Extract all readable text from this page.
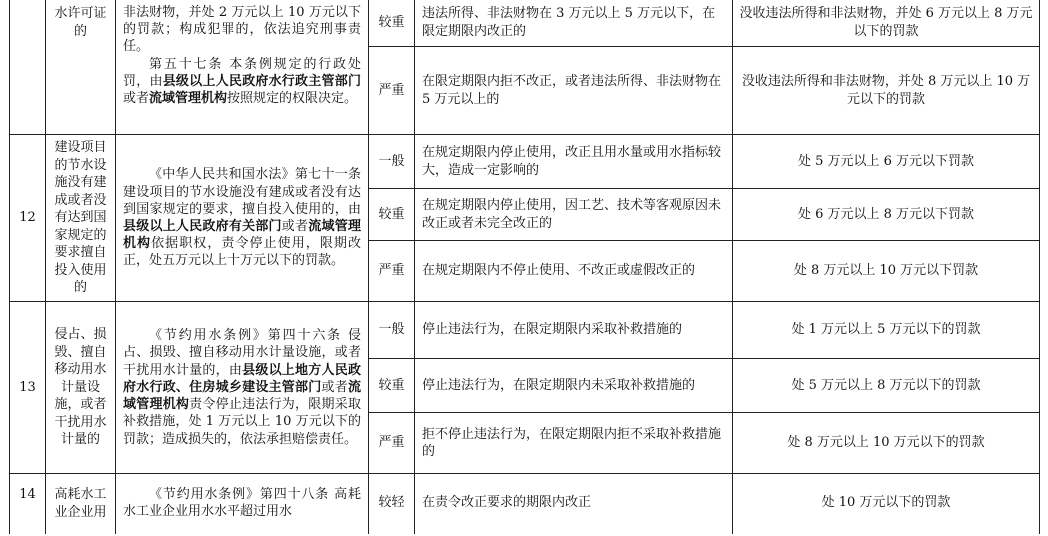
	水许可证的	非法财物，并处 2 万元以上 10 万元以下的罚款；构成犯罪的，依法追究刑事责任。

第五十七条 本条例规定的行政处罚，由县级以上人民政府水行政主管部门或者流域管理机构按照规定的权限决定。	较重	违法所得、非法财物在 3 万元以上 5 万元以下，在限定期限内改正的	没收违法所得和非法财物，并处 6 万元以上 8 万元以下的罚款
			严重	在限定期限内拒不改正，或者违法所得、非法财物在 5 万元以上的	没收违法所得和非法财物，并处 8 万元以上 10 万元以下的罚款
12	建设项目的节水设施没有建成或者没有达到国家规定的要求擅自投入使用的	《中华人民共和国水法》第七十一条 建设项目的节水设施没有建成或者没有达到国家规定的要求，擅自投入使用的，由县级以上人民政府有关部门或者流域管理机构依据职权，责令停止使用，限期改正，处五万元以上十万元以下的罚款。	一般	在规定期限内停止使用，改正且用水量或用水指标较大，造成一定影响的	处 5 万元以上 6 万元以下罚款
			较重	在规定期限内停止使用，因工艺、技术等客观原因未改正或者未完全改正的	处 6 万元以上 8 万元以下罚款
			严重	在规定期限内不停止使用、不改正或虚假改正的	处 8 万元以上 10 万元以下罚款
13	侵占、损毁、擅自移动用水计量设施，或者干扰用水计量的	《节约用水条例》第四十六条 侵占、损毁、擅自移动用水计量设施，或者干扰用水计量的，由县级以上地方人民政府水行政、住房城乡建设主管部门或者流域管理机构责令停止违法行为，限期采取补救措施，处 1 万元以上 10 万元以下的罚款；造成损失的，依法承担赔偿责任。	一般	停止违法行为，在限定期限内采取补救措施的	处 1 万元以上 5 万元以下的罚款
			较重	停止违法行为，在限定期限内未采取补救措施的	处 5 万元以上 8 万元以下的罚款
			严重	拒不停止违法行为，在限定期限内拒不采取补救措施的	处 8 万元以上 10 万元以下的罚款
14	高耗水工业企业用	《节约用水条例》第四十八条 高耗水工业企业用水水平超过用水	较轻	在责令改正要求的期限内改正	处 10 万元以下的罚款
